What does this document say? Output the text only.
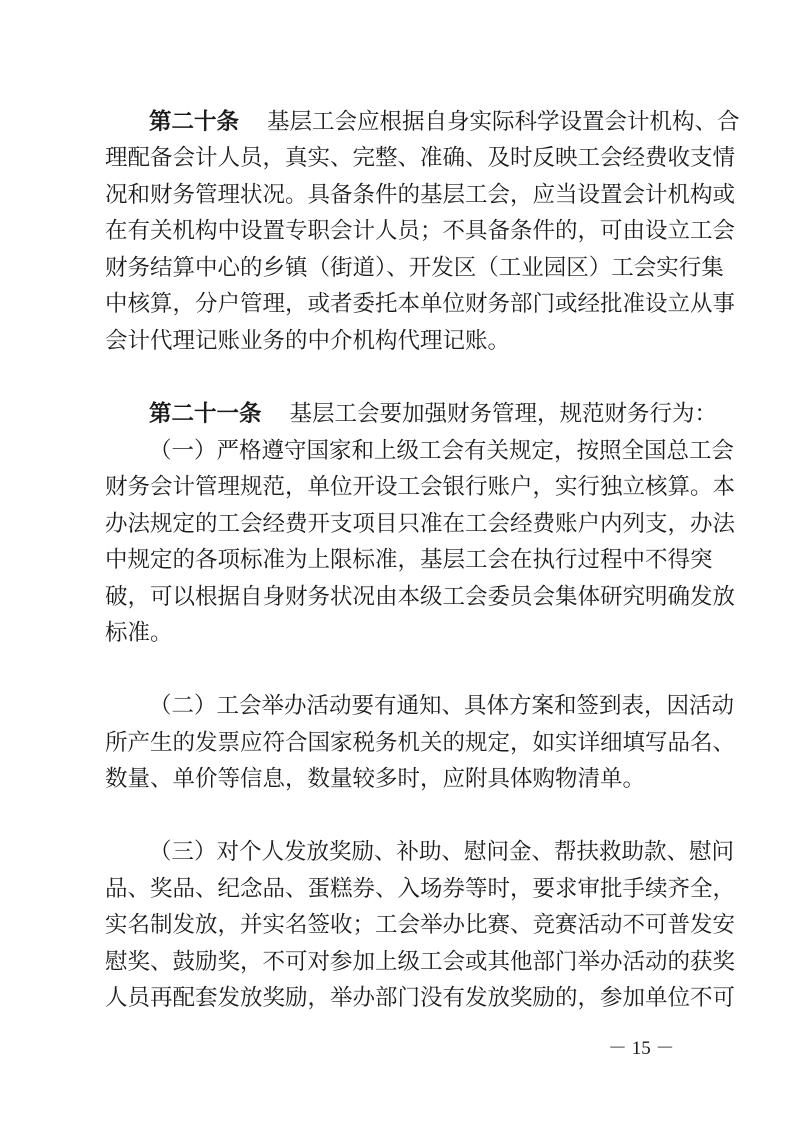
第二十条 基层工会应根据自身实际科学设置会计机构、合
理配备会计人员，真实、完整、准确、及时反映工会经费收支情
况和财务管理状况。具备条件的基层工会，应当设置会计机构或
在有关机构中设置专职会计人员；不具备条件的，可由设立工会
财务结算中心的乡镇（街道）、开发区（工业园区）工会实行集
中核算，分户管理，或者委托本单位财务部门或经批准设立从事
会计代理记账业务的中介机构代理记账。
第二十一条 基层工会要加强财务管理，规范财务行为：
（一）严格遵守国家和上级工会有关规定，按照全国总工会
财务会计管理规范，单位开设工会银行账户，实行独立核算。本
办法规定的工会经费开支项目只准在工会经费账户内列支，办法
中规定的各项标准为上限标准，基层工会在执行过程中不得突
破，可以根据自身财务状况由本级工会委员会集体研究明确发放
标准。
（二）工会举办活动要有通知、具体方案和签到表，因活动
所产生的发票应符合国家税务机关的规定，如实详细填写品名、
数量、单价等信息，数量较多时，应附具体购物清单。
（三）对个人发放奖励、补助、慰问金、帮扶救助款、慰问
品、奖品、纪念品、蛋糕券、入场券等时，要求审批手续齐全，
实名制发放，并实名签收；工会举办比赛、竞赛活动不可普发安
慰奖、鼓励奖，不可对参加上级工会或其他部门举办活动的获奖
人员再配套发放奖励，举办部门没有发放奖励的，参加单位不可
－ 15 －
